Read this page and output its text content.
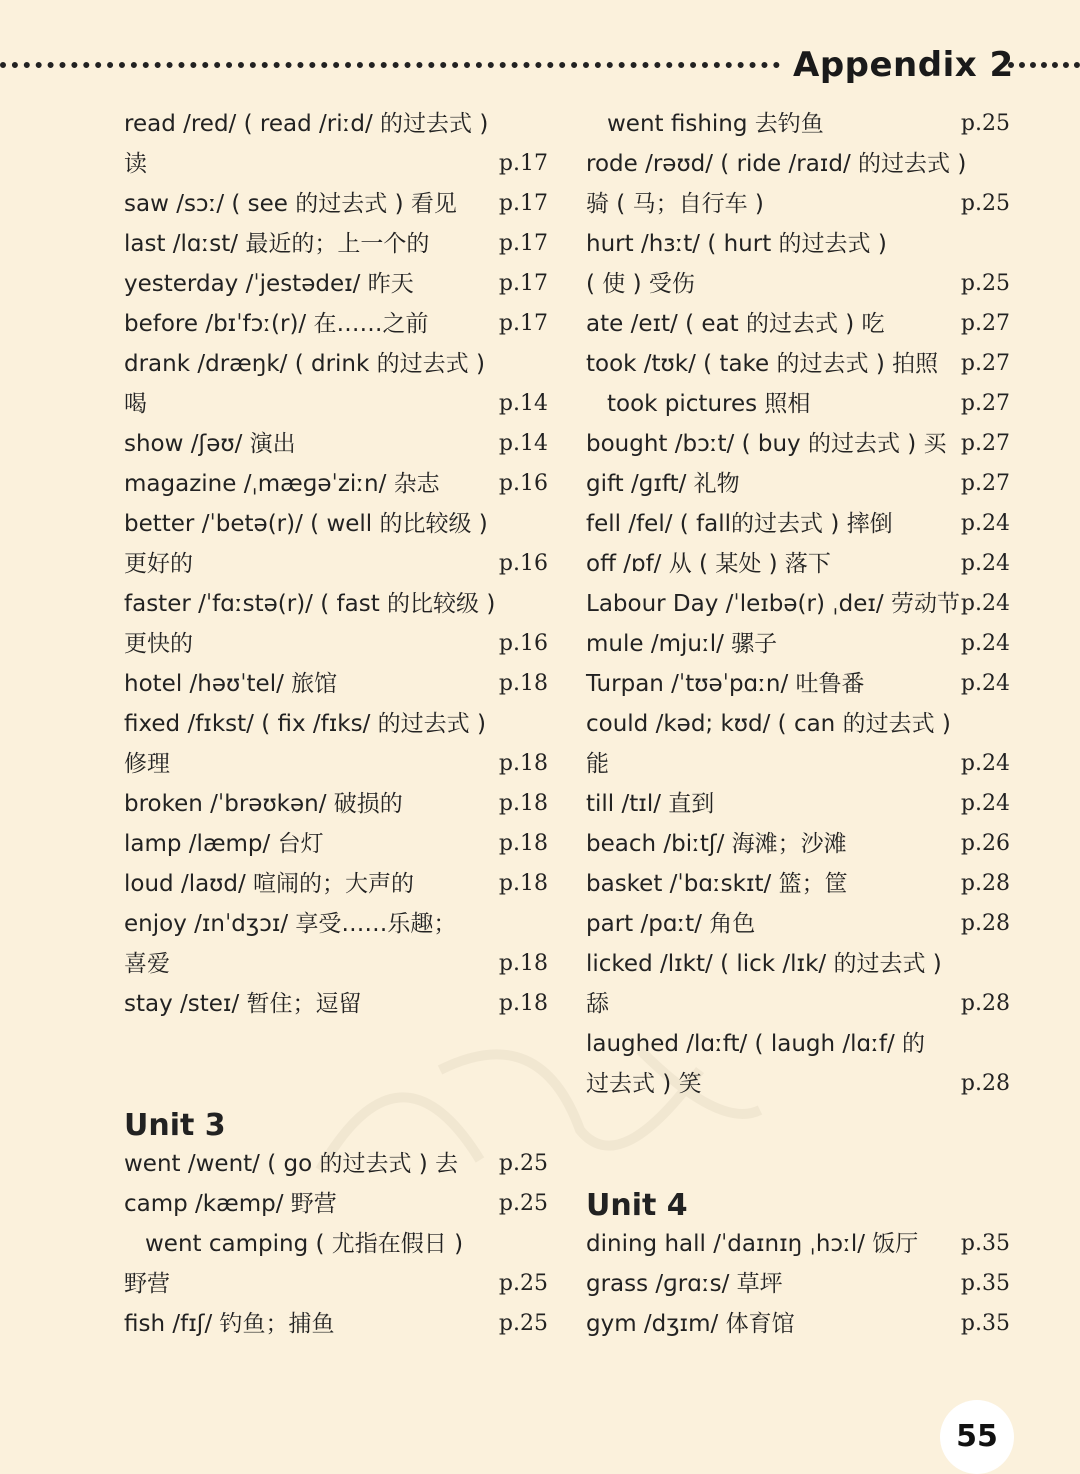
Appendix 2
read /red/ ( read /riːd/ 的过去式 )
读	p.17
saw /sɔː/ ( see 的过去式 ) 看见 p.17
last /lɑːst/ 最近的；上一个的	p.17
yesterday /ˈjestədeɪ/ 昨天	p.17
before /bɪˈfɔː(r)/ 在……之前	p.17
drank /dræŋk/ ( drink 的过去式 )
喝	p.14
show /ʃəʊ/ 演出	p.14
magazine /ˌmæɡəˈziːn/ 杂志	p.16
better /ˈbetə(r)/ ( well 的比较级 )
更好的	p.16
faster /ˈfɑːstə(r)/ ( fast 的比较级 )
更快的	p.16
hotel /həʊˈtel/ 旅馆	p.18
fixed /fɪkst/ ( fix /fɪks/ 的过去式 )
修理	p.18
broken /ˈbrəʊkən/ 破损的	p.18
lamp /læmp/ 台灯	p.18
loud /laʊd/ 喧闹的；大声的	p.18
enjoy /ɪnˈdʒɔɪ/ 享受……乐趣；
喜爱	p.18
stay /steɪ/ 暂住；逗留	p.18
Unit 3
went /went/ ( go 的过去式 ) 去 p.25
camp /kæmp/ 野营	p.25
went camping ( 尤指在假日 )
野营	p.25
fish /fɪʃ/ 钓鱼；捕鱼	p.25
went fishing 去钓鱼	p.25
rode /rəʊd/ ( ride /raɪd/ 的过去式 )
骑 ( 马；自行车 )	p.25
hurt /hɜːt/ ( hurt 的过去式 )
( 使 ) 受伤	p.25
ate /eɪt/ ( eat 的过去式 ) 吃	p.27
took /tʊk/ ( take 的过去式 ) 拍照 p.27
took pictures 照相	p.27
bought /bɔːt/ ( buy 的过去式 ) 买 p.27
gift /ɡɪft/ 礼物	p.27
fell /fel/ ( fall的过去式 ) 摔倒	p.24
off /ɒf/ 从 ( 某处 ) 落下	p.24
Labour Day /ˈleɪbə(r) ˌdeɪ/ 劳动节 p.24
mule /mjuːl/ 骡子	p.24
Turpan /ˈtʊəˈpɑːn/ 吐鲁番	p.24
could /kəd; kʊd/ ( can 的过去式 )
能	p.24
till /tɪl/ 直到	p.24
beach /biːtʃ/ 海滩；沙滩	p.26
basket /ˈbɑːskɪt/ 篮；筐	p.28
part /pɑːt/ 角色	p.28
licked /lɪkt/ ( lick /lɪk/ 的过去式 )
舔	p.28
laughed /lɑːft/ ( laugh /lɑːf/ 的
过去式 ) 笑	p.28
Unit 4
dining hall /ˈdaɪnɪŋ ˌhɔːl/ 饭厅 p.35
grass /ɡrɑːs/ 草坪	p.35
gym /dʒɪm/ 体育馆	p.35
55
